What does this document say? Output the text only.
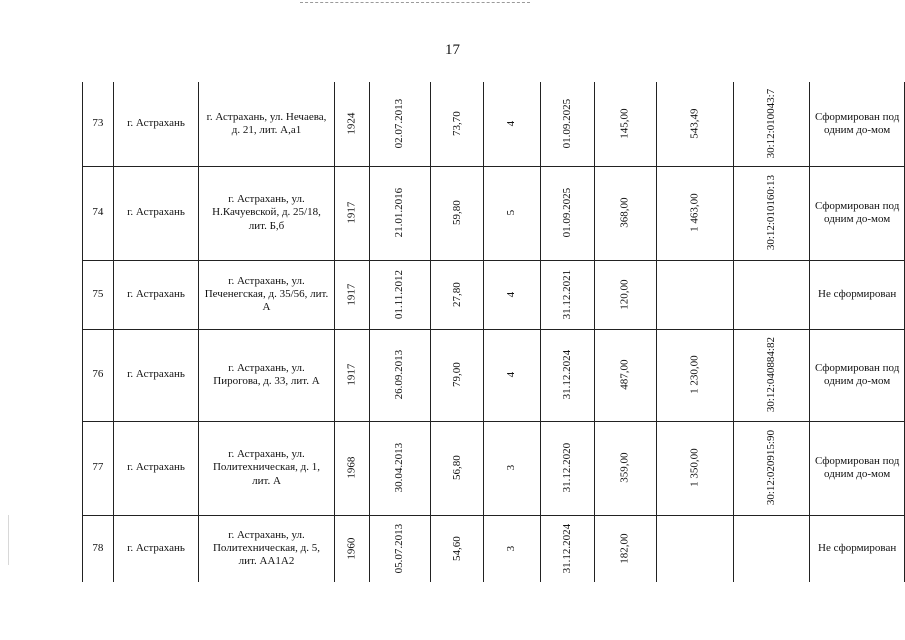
17
73	г. Астрахань	г. Астрахань, ул. Нечаева, д. 21, лит. А,а1	1924	02.07.2013	73,70	4	01.09.2025	145,00	543,49	30:12:010043:7	Сформирован под одним до-мом

74	г. Астрахань	г. Астрахань, ул. Н.Качуевской, д. 25/18, лит. Б,б	1917	21.01.2016	59,80	5	01.09.2025	368,00	1 463,00	30:12:010160:13	Сформирован под одним до-мом

75	г. Астрахань	г. Астрахань, ул. Печенегская, д. 35/56, лит. А	1917	01.11.2012	27,80	4	31.12.2021	120,00			Не сформирован

76	г. Астрахань	г. Астрахань, ул. Пирогова, д. 33, лит. А	1917	26.09.2013	79,00	4	31.12.2024	487,00	1 230,00	30:12:040884:82	Сформирован под одним до-мом

77	г. Астрахань	г. Астрахань, ул. Политехническая, д. 1, лит. А	1968	30.04.2013	56,80	3	31.12.2020	359,00	1 350,00	30:12:020915:90	Сформирован под одним до-мом

78	г. Астрахань	г. Астрахань, ул. Политехническая, д. 5, лит. АА1А2	1960	05.07.2013	54,60	3	31.12.2024	182,00			Не сформирован
